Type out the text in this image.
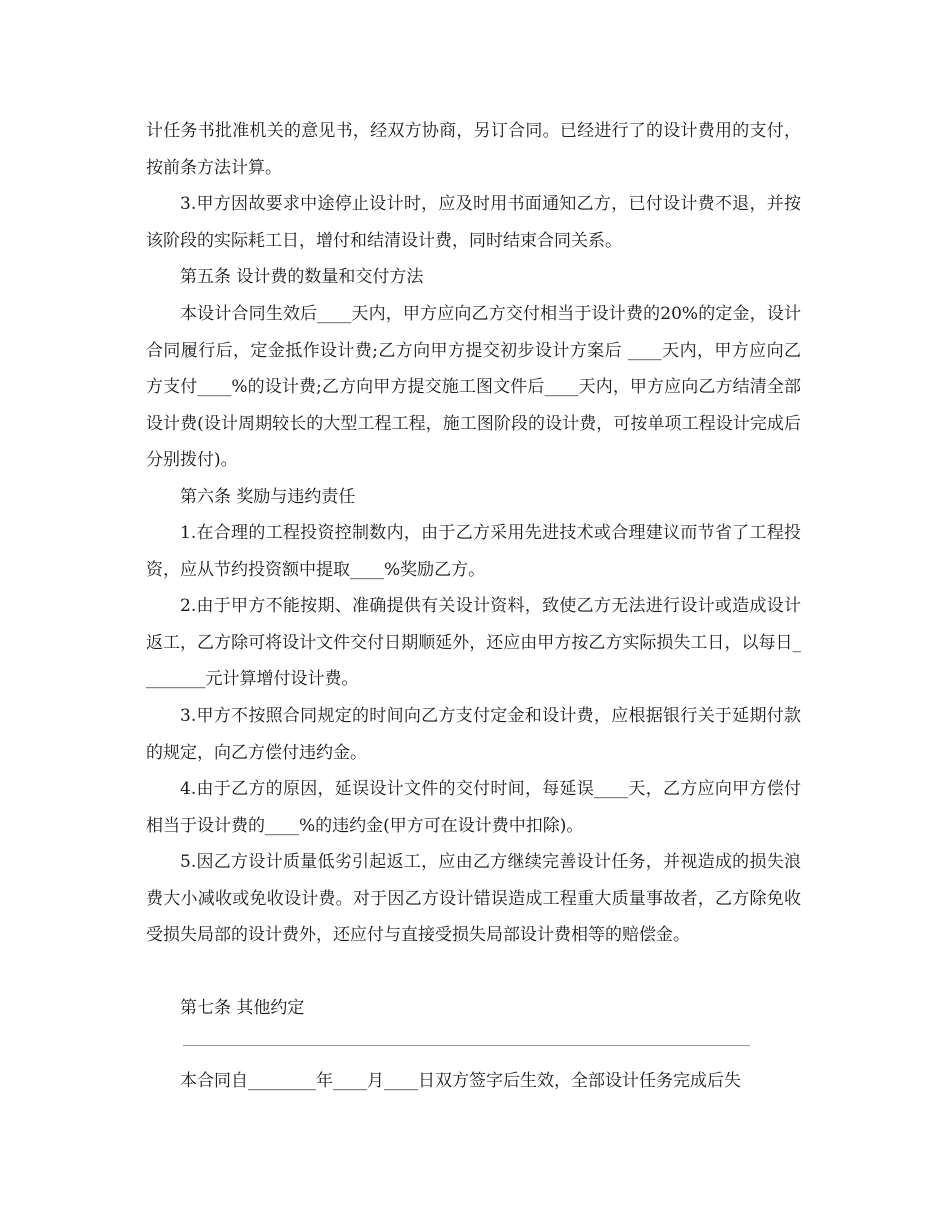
计任务书批准机关的意见书，经双方协商，另订合同。已经进行了的设计费用的支付，按前条方法计算。

3.甲方因故要求中途停止设计时，应及时用书面通知乙方，已付设计费不退，并按该阶段的实际耗工日，增付和结清设计费，同时结束合同关系。

第五条 设计费的数量和交付方法

本设计合同生效后____天内，甲方应向乙方交付相当于设计费的20%的定金，设计合同履行后，定金抵作设计费;乙方向甲方提交初步设计方案后 ____天内，甲方应向乙方支付____%的设计费;乙方向甲方提交施工图文件后____天内，甲方应向乙方结清全部设计费(设计周期较长的大型工程工程，施工图阶段的设计费，可按单项工程设计完成后分别拨付)。

第六条 奖励与违约责任

1.在合理的工程投资控制数内，由于乙方采用先进技术或合理建议而节省了工程投资，应从节约投资额中提取____%奖励乙方。

2.由于甲方不能按期、准确提供有关设计资料，致使乙方无法进行设计或造成设计返工，乙方除可将设计文件交付日期顺延外，还应由甲方按乙方实际损失工日，以每日________元计算增付设计费。

3.甲方不按照合同规定的时间向乙方支付定金和设计费，应根据银行关于延期付款的规定，向乙方偿付违约金。

4.由于乙方的原因，延误设计文件的交付时间，每延误____天，乙方应向甲方偿付相当于设计费的____%的违约金(甲方可在设计费中扣除)。

5.因乙方设计质量低劣引起返工，应由乙方继续完善设计任务，并视造成的损失浪费大小减收或免收设计费。对于因乙方设计错误造成工程重大质量事故者，乙方除免收受损失局部的设计费外，还应付与直接受损失局部设计费相等的赔偿金。

第七条 其他约定

本合同自________年____月____日双方签字后生效，全部设计任务完成后失
